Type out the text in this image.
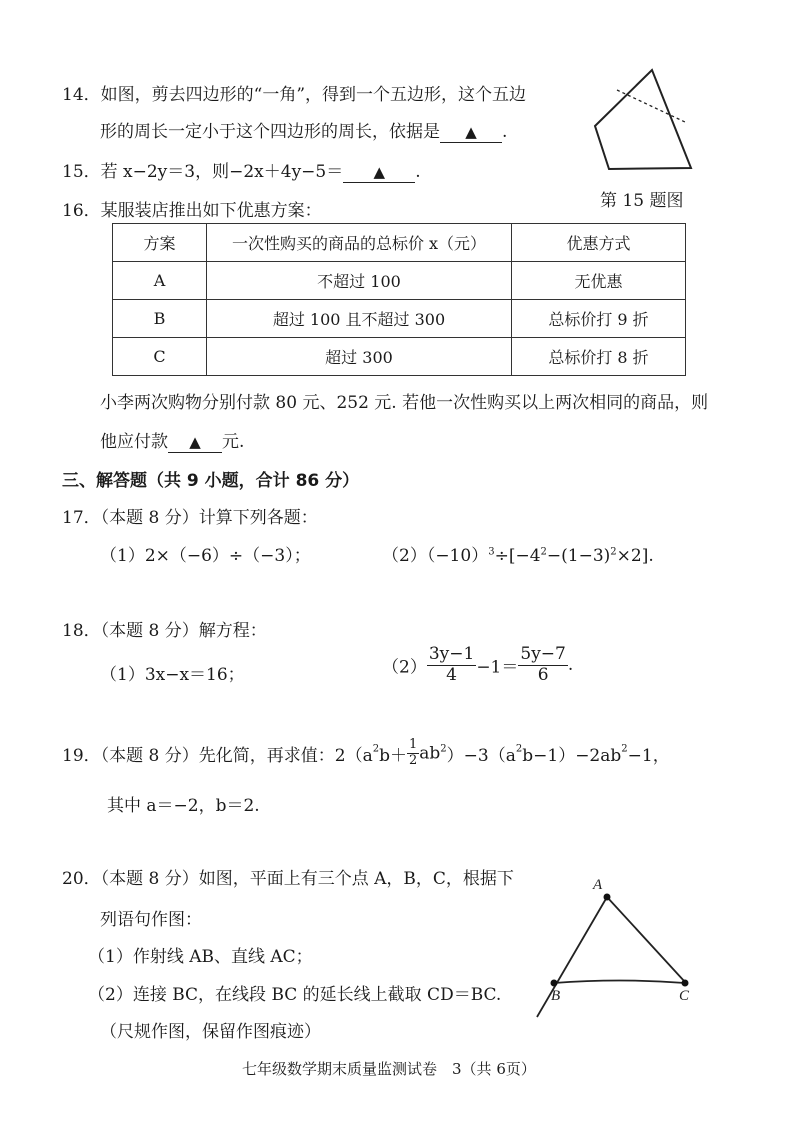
14．如图，剪去四边形的“一角”，得到一个五边形，这个五边
形的周长一定小于这个四边形的周长，依据是 ▲ .
15．若 x−2y＝3，则−2x＋4y−5＝ ▲ .
第 15 题图
16．某服装店推出如下优惠方案：
方案	一次性购买的商品的总标价 x（元）	优惠方式
A	不超过 100	无优惠
B	超过 100 且不超过 300	总标价打 9 折
C	超过 300	总标价打 8 折
小李两次购物分别付款 80 元、252 元. 若他一次性购买以上两次相同的商品，则
他应付款 ▲ 元.
三、解答题（共 9 小题，合计 86 分）
17．（本题 8 分）计算下列各题：
（1）2×（−6）÷（−3）；	$(2)(-10)^3\div[-4^2-(1-3)^2\times 2]$.
18．（本题 8 分）解方程：
（1）3x−x＝16；	$(2) \frac{3y-1}{4} -1= \frac{5y-7}{6}$ .
19．（本题 8 分）先化简，再求值：$2(a^2b+ \frac{1}{2} ab^2)-3(a^2b-1)-2ab^2-1$，
其中 a＝−2，b＝2.
20．（本题 8 分）如图，平面上有三个点 A，B，C，根据下
列语句作图：
（1）作射线 AB、直线 AC；
（2）连接 BC，在线段 BC 的延长线上截取 CD＝BC.
（尺规作图，保留作图痕迹）
A
B	C
七年级数学期末质量监测试卷　3（共 6页）
